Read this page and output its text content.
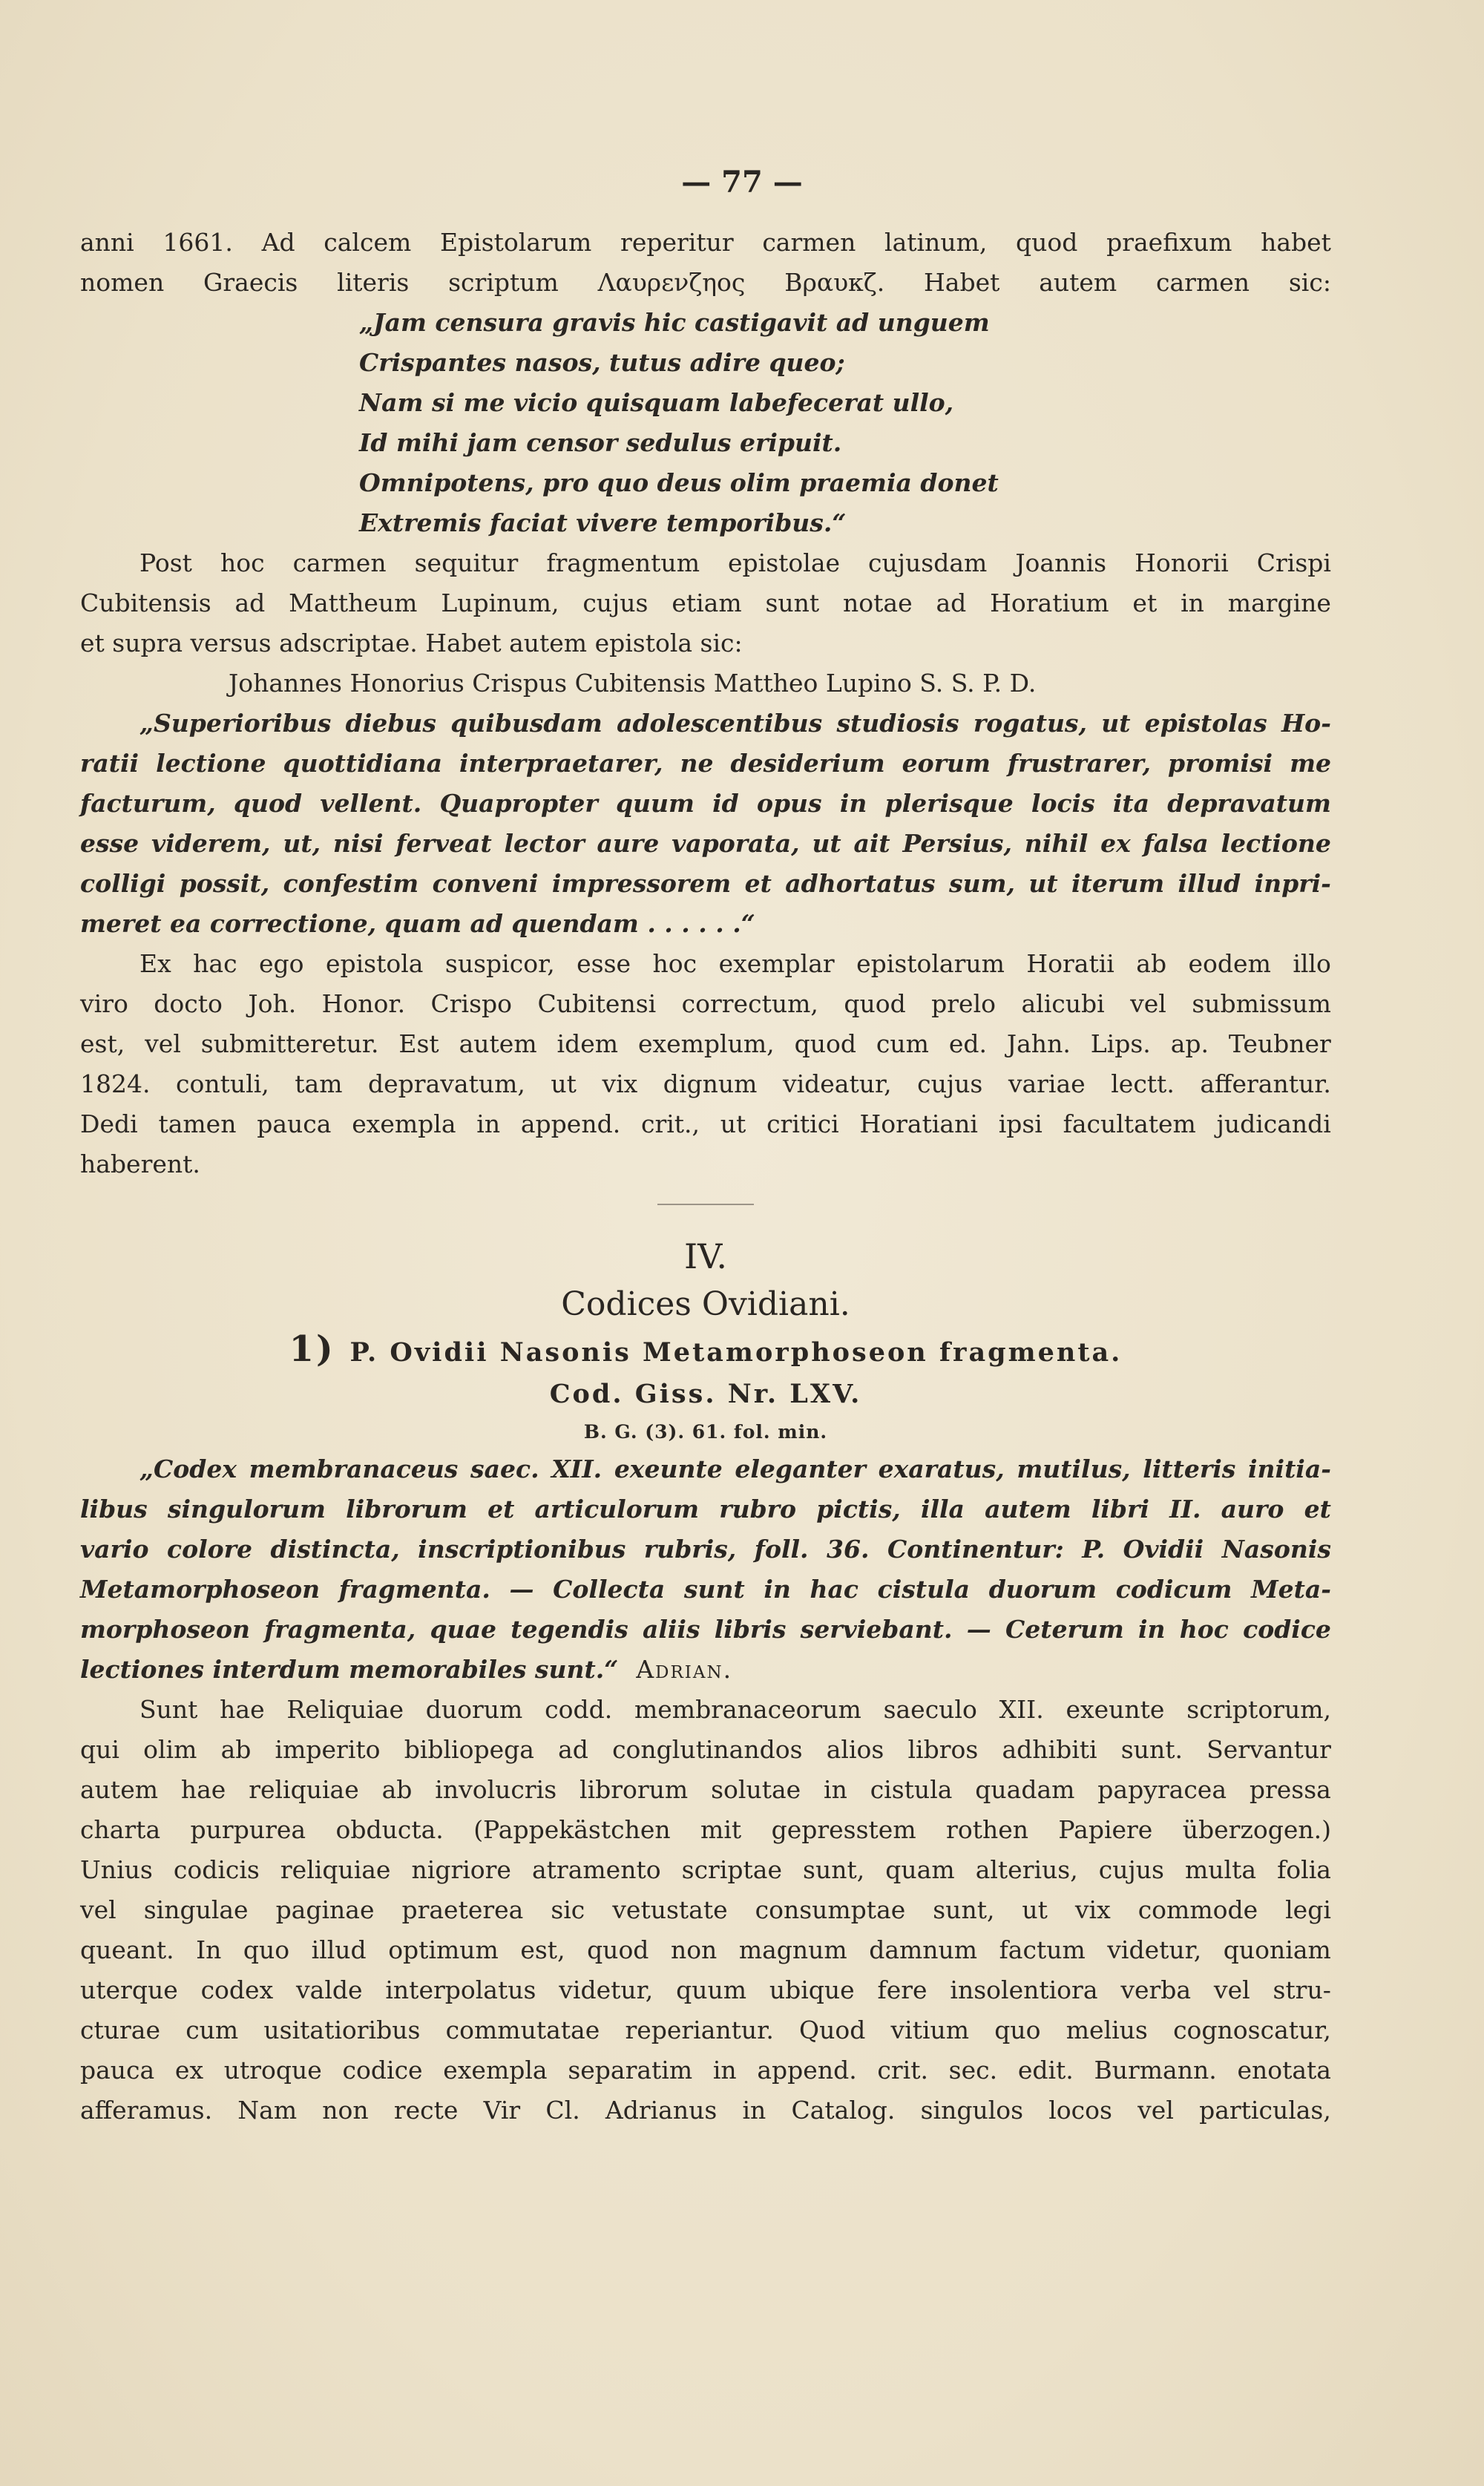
— 77 —
anni 1661. Ad calcem Epistolarum reperitur carmen latinum, quod praefixum habet
nomen Graecis literis scriptum Λαυρενζηος Βραυκζ. Habet autem carmen sic:
„Jam censura gravis hic castigavit ad unguem
Crispantes nasos, tutus adire queo;
Nam si me vicio quisquam labefecerat ullo,
Id mihi jam censor sedulus eripuit.
Omnipotens, pro quo deus olim praemia donet
Extremis faciat vivere temporibus.“
Post hoc carmen sequitur fragmentum epistolae cujusdam Joannis Honorii Crispi
Cubitensis ad Mattheum Lupinum, cujus etiam sunt notae ad Horatium et in margine
et supra versus adscriptae. Habet autem epistola sic:
Johannes Honorius Crispus Cubitensis Mattheo Lupino S. S. P. D.
„Superioribus diebus quibusdam adolescentibus studiosis rogatus, ut epistolas Ho-
ratii lectione quottidiana interpraetarer, ne desiderium eorum frustrarer, promisi me
facturum, quod vellent. Quapropter quum id opus in plerisque locis ita depravatum
esse viderem, ut, nisi ferveat lector aure vaporata, ut ait Persius, nihil ex falsa lectione
colligi possit, confestim conveni impressorem et adhortatus sum, ut iterum illud inpri-
meret ea correctione, quam ad quendam . . . . . .“
Ex hac ego epistola suspicor, esse hoc exemplar epistolarum Horatii ab eodem illo
viro docto Joh. Honor. Crispo Cubitensi correctum, quod prelo alicubi vel submissum
est, vel submitteretur. Est autem idem exemplum, quod cum ed. Jahn. Lips. ap. Teubner
1824. contuli, tam depravatum, ut vix dignum videatur, cujus variae lectt. afferantur.
Dedi tamen pauca exempla in append. crit., ut critici Horatiani ipsi facultatem judicandi
haberent.
IV.
Codices Ovidiani.
1) P. Ovidii Nasonis Metamorphoseon fragmenta.
Cod. Giss. Nr. LXV.
B. G. (3). 61. fol. min.
„Codex membranaceus saec. XII. exeunte eleganter exaratus, mutilus, litteris initia-
libus singulorum librorum et articulorum rubro pictis, illa autem libri II. auro et
vario colore distincta, inscriptionibus rubris, foll. 36. Continentur: P. Ovidii Nasonis
Metamorphoseon fragmenta. — Collecta sunt in hac cistula duorum codicum Meta-
morphoseon fragmenta, quae tegendis aliis libris serviebant. — Ceterum in hoc codice
lectiones interdum memorabiles sunt.“ Adrian.
Sunt hae Reliquiae duorum codd. membranaceorum saeculo XII. exeunte scriptorum,
qui olim ab imperito bibliopega ad conglutinandos alios libros adhibiti sunt. Servantur
autem hae reliquiae ab involucris librorum solutae in cistula quadam papyracea pressa
charta purpurea obducta. (Pappekästchen mit gepresstem rothen Papiere überzogen.)
Unius codicis reliquiae nigriore atramento scriptae sunt, quam alterius, cujus multa folia
vel singulae paginae praeterea sic vetustate consumptae sunt, ut vix commode legi
queant. In quo illud optimum est, quod non magnum damnum factum videtur, quoniam
uterque codex valde interpolatus videtur, quum ubique fere insolentiora verba vel stru-
cturae cum usitatioribus commutatae reperiantur. Quod vitium quo melius cognoscatur,
pauca ex utroque codice exempla separatim in append. crit. sec. edit. Burmann. enotata
afferamus. Nam non recte Vir Cl. Adrianus in Catalog. singulos locos vel particulas,
